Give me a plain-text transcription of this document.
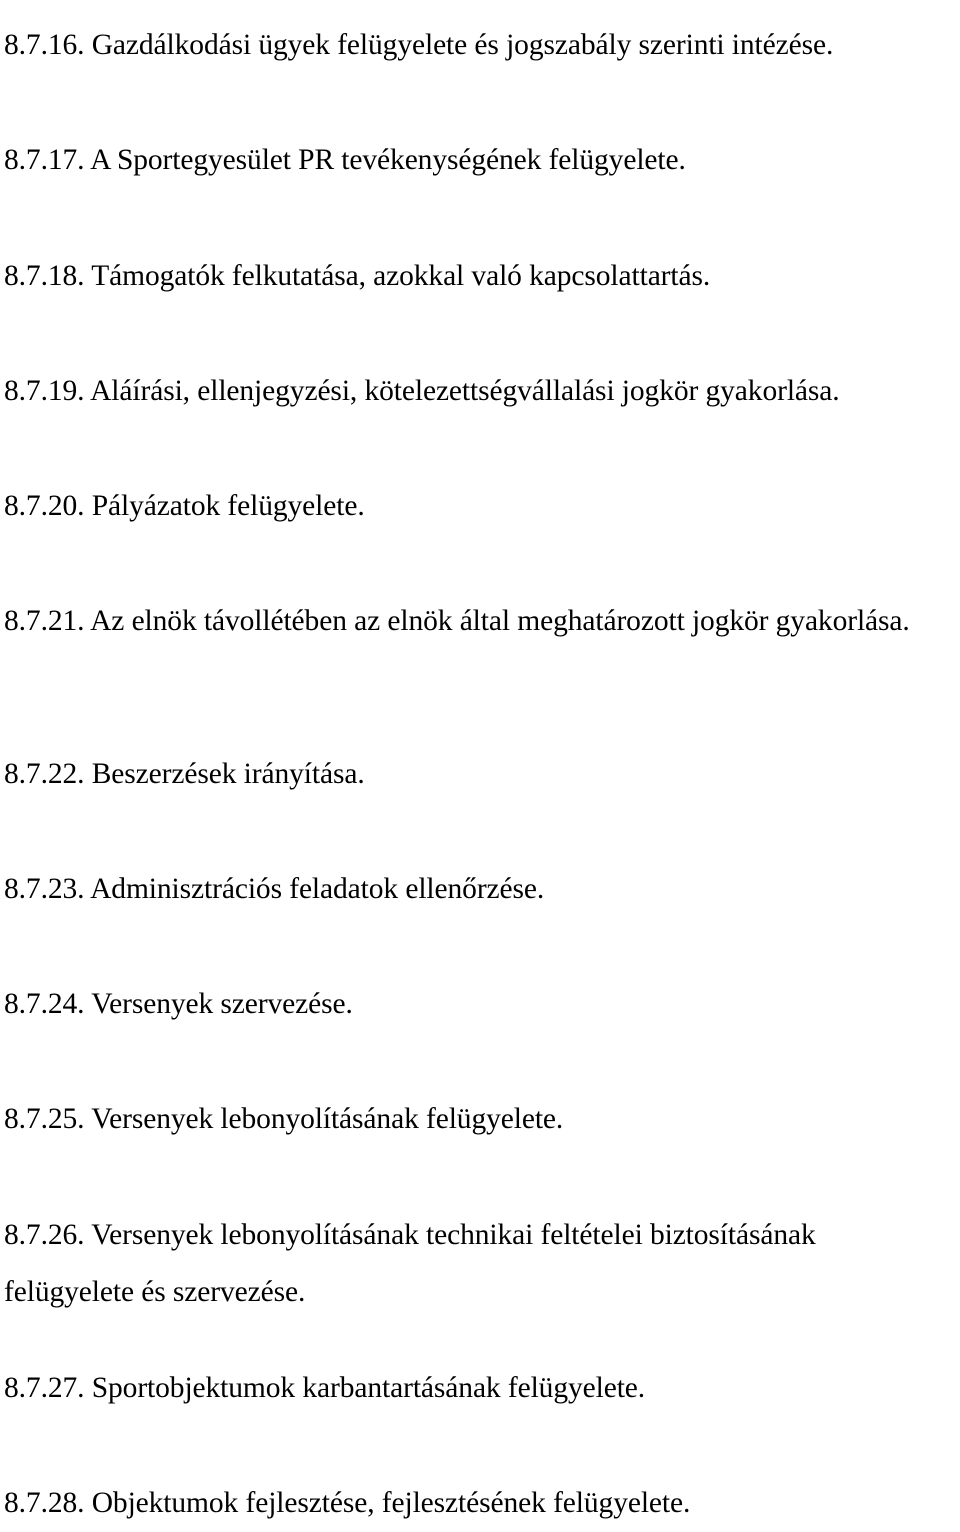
8.7.16. Gazdálkodási ügyek felügyelete és jogszabály szerinti intézése.

8.7.17. A Sportegyesület PR tevékenységének felügyelete.

8.7.18. Támogatók felkutatása, azokkal való kapcsolattartás.

8.7.19. Aláírási, ellenjegyzési, kötelezettségvállalási jogkör gyakorlása.

8.7.20. Pályázatok felügyelete.

8.7.21. Az elnök távollétében az elnök által meghatározott jogkör gyakorlása.

8.7.22. Beszerzések irányítása.

8.7.23. Adminisztrációs feladatok ellenőrzése.

8.7.24. Versenyek szervezése.

8.7.25. Versenyek lebonyolításának felügyelete.

8.7.26. Versenyek lebonyolításának technikai feltételei biztosításának felügyelete és szervezése.

8.7.27. Sportobjektumok karbantartásának felügyelete.

8.7.28. Objektumok fejlesztése, fejlesztésének felügyelete.
